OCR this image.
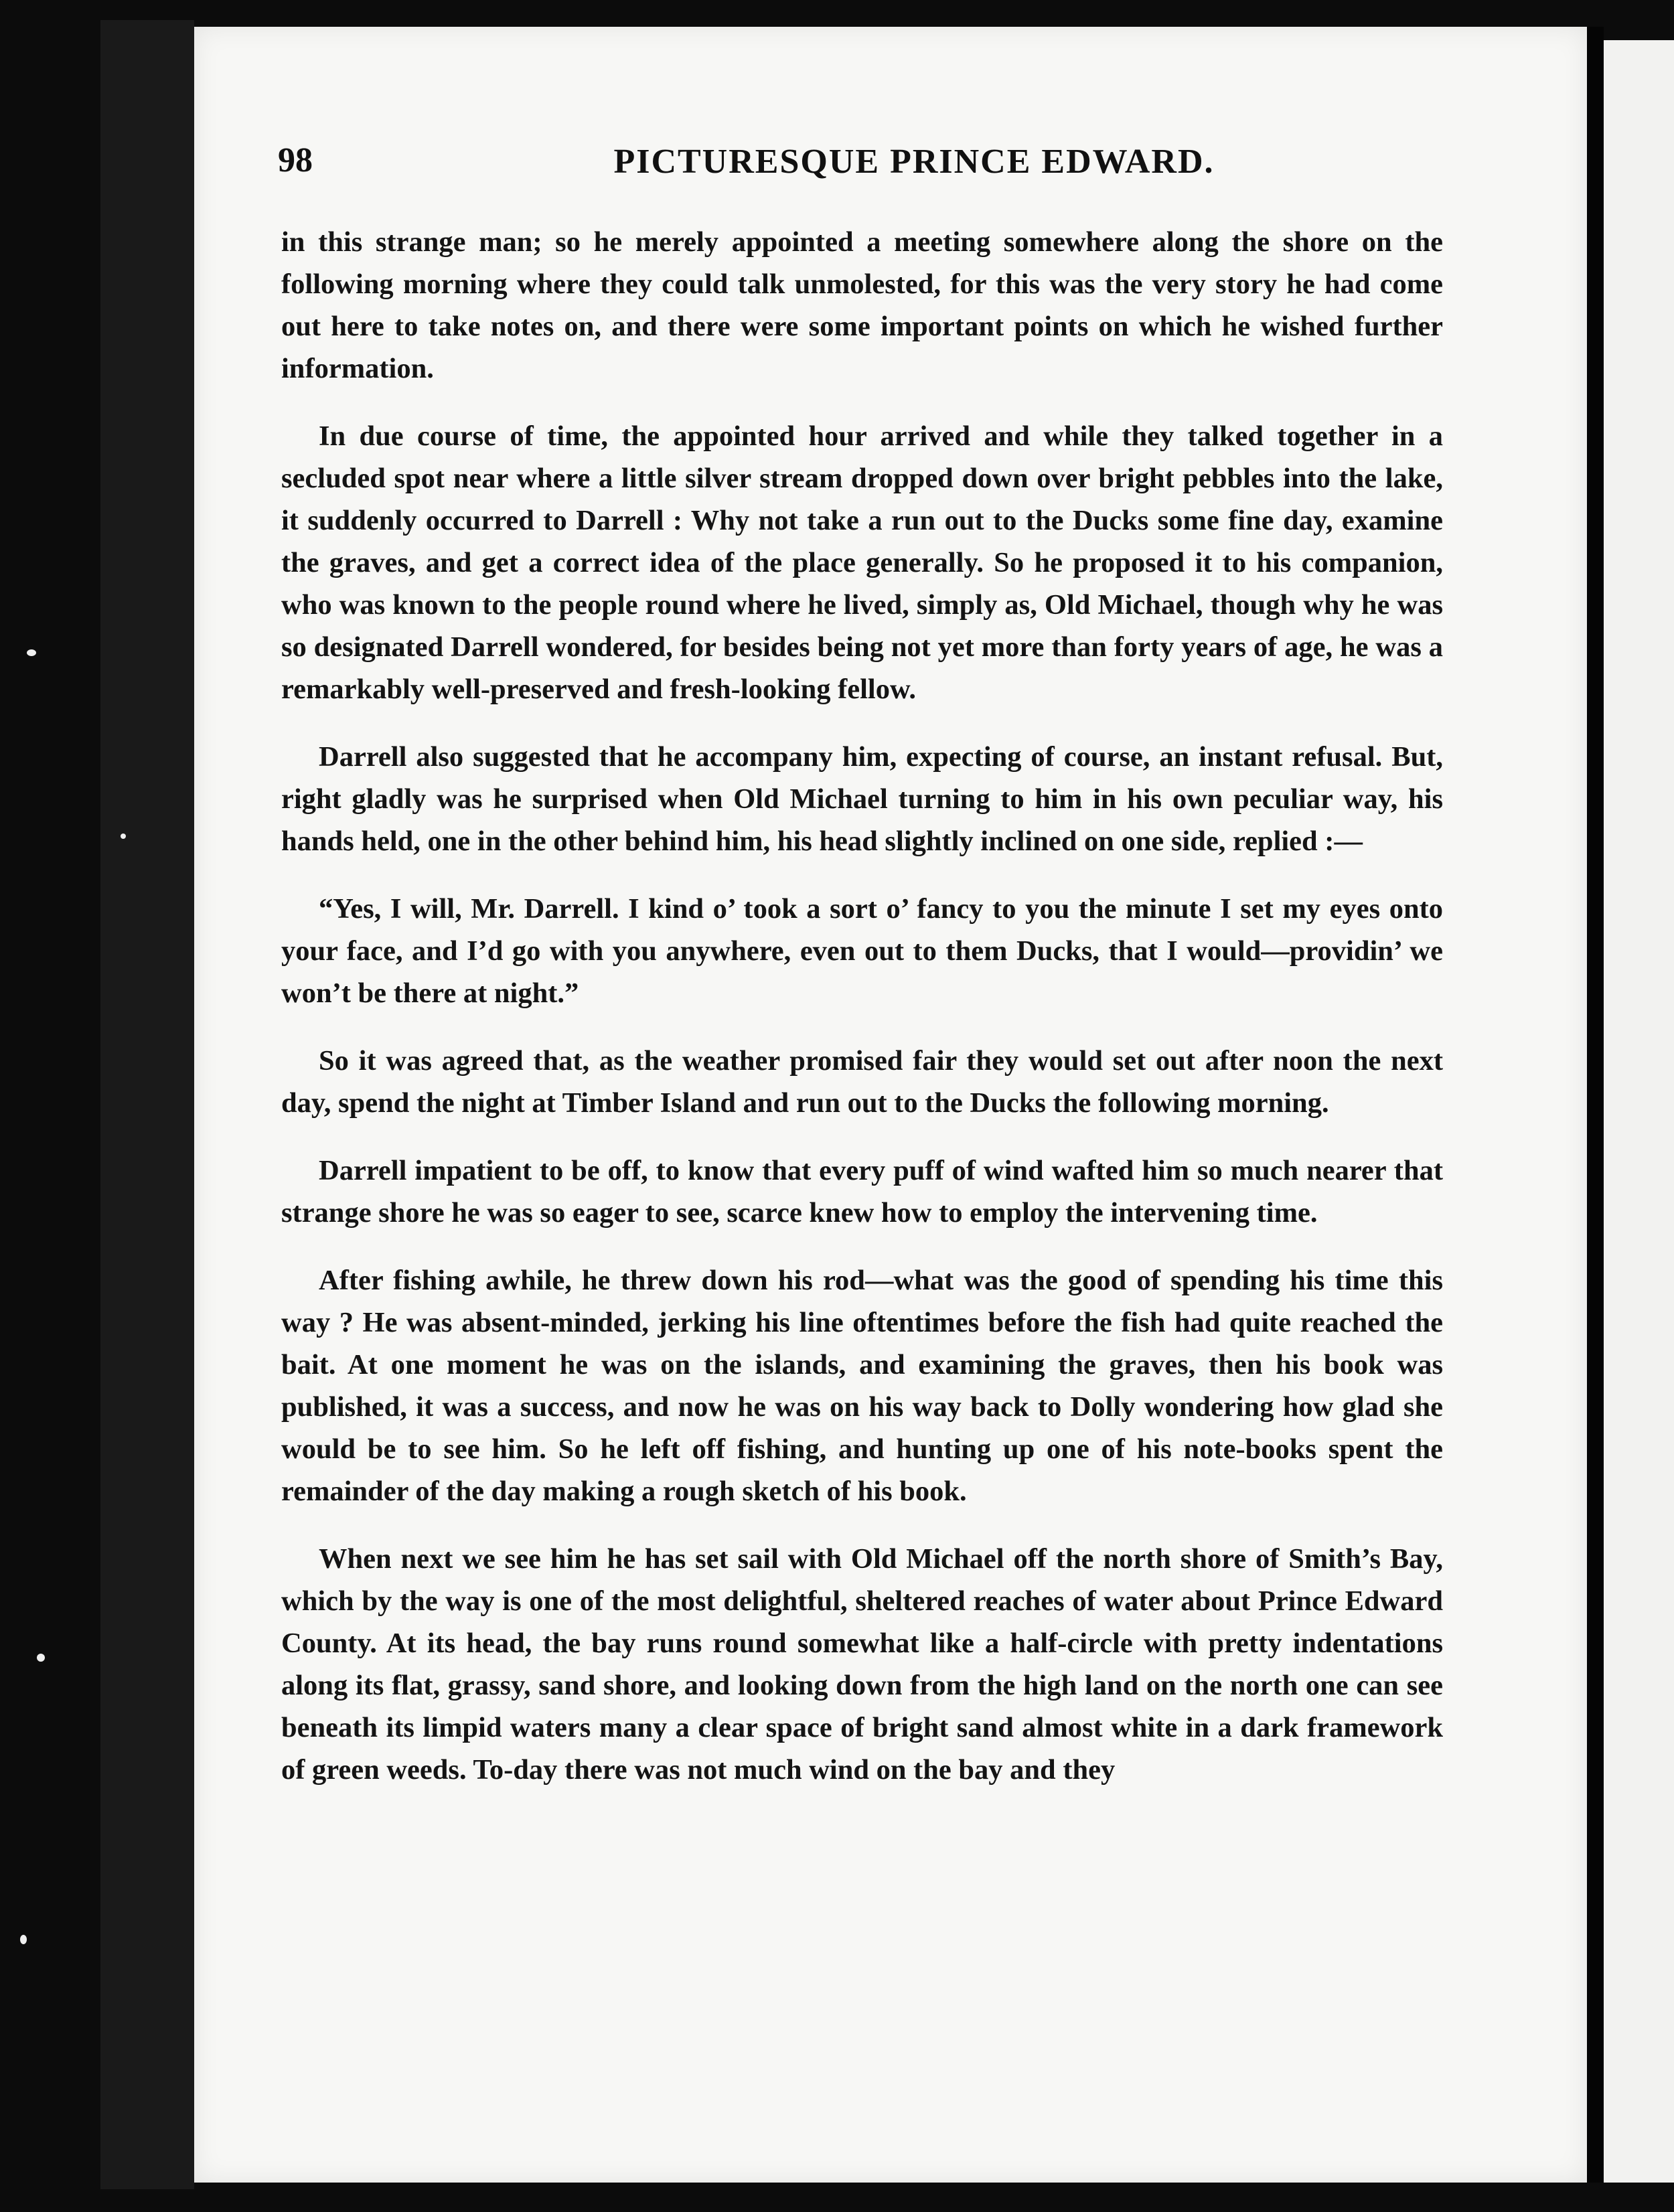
98	PICTURESQUE PRINCE EDWARD.

in this strange man; so he merely appointed a meeting somewhere along the shore on the following morning where they could talk unmolested, for this was the very story he had come out here to take notes on, and there were some important points on which he wished further information.

In due course of time, the appointed hour arrived and while they talked together in a secluded spot near where a little silver stream dropped down over bright pebbles into the lake, it suddenly occurred to Darrell : Why not take a run out to the Ducks some fine day, examine the graves, and get a correct idea of the place generally. So he proposed it to his companion, who was known to the people round where he lived, simply as, Old Michael, though why he was so designated Darrell wondered, for besides being not yet more than forty years of age, he was a remarkably well-preserved and fresh-looking fellow.

Darrell also suggested that he accompany him, expecting of course, an instant refusal. But, right gladly was he surprised when Old Michael turning to him in his own peculiar way, his hands held, one in the other behind him, his head slightly inclined on one side, replied :—

“Yes, I will, Mr. Darrell. I kind o’ took a sort o’ fancy to you the minute I set my eyes onto your face, and I’d go with you anywhere, even out to them Ducks, that I would—providin’ we won’t be there at night.”

So it was agreed that, as the weather promised fair they would set out after noon the next day, spend the night at Timber Island and run out to the Ducks the following morning.

Darrell impatient to be off, to know that every puff of wind wafted him so much nearer that strange shore he was so eager to see, scarce knew how to employ the intervening time.

After fishing awhile, he threw down his rod—what was the good of spending his time this way ? He was absent-minded, jerking his line oftentimes before the fish had quite reached the bait. At one moment he was on the islands, and examining the graves, then his book was published, it was a success, and now he was on his way back to Dolly wondering how glad she would be to see him. So he left off fishing, and hunting up one of his note-books spent the remainder of the day making a rough sketch of his book.

When next we see him he has set sail with Old Michael off the north shore of Smith’s Bay, which by the way is one of the most delightful, sheltered reaches of water about Prince Edward County. At its head, the bay runs round somewhat like a half-circle with pretty indentations along its flat, grassy, sand shore, and looking down from the high land on the north one can see beneath its limpid waters many a clear space of bright sand almost white in a dark framework of green weeds. To-day there was not much wind on the bay and they
